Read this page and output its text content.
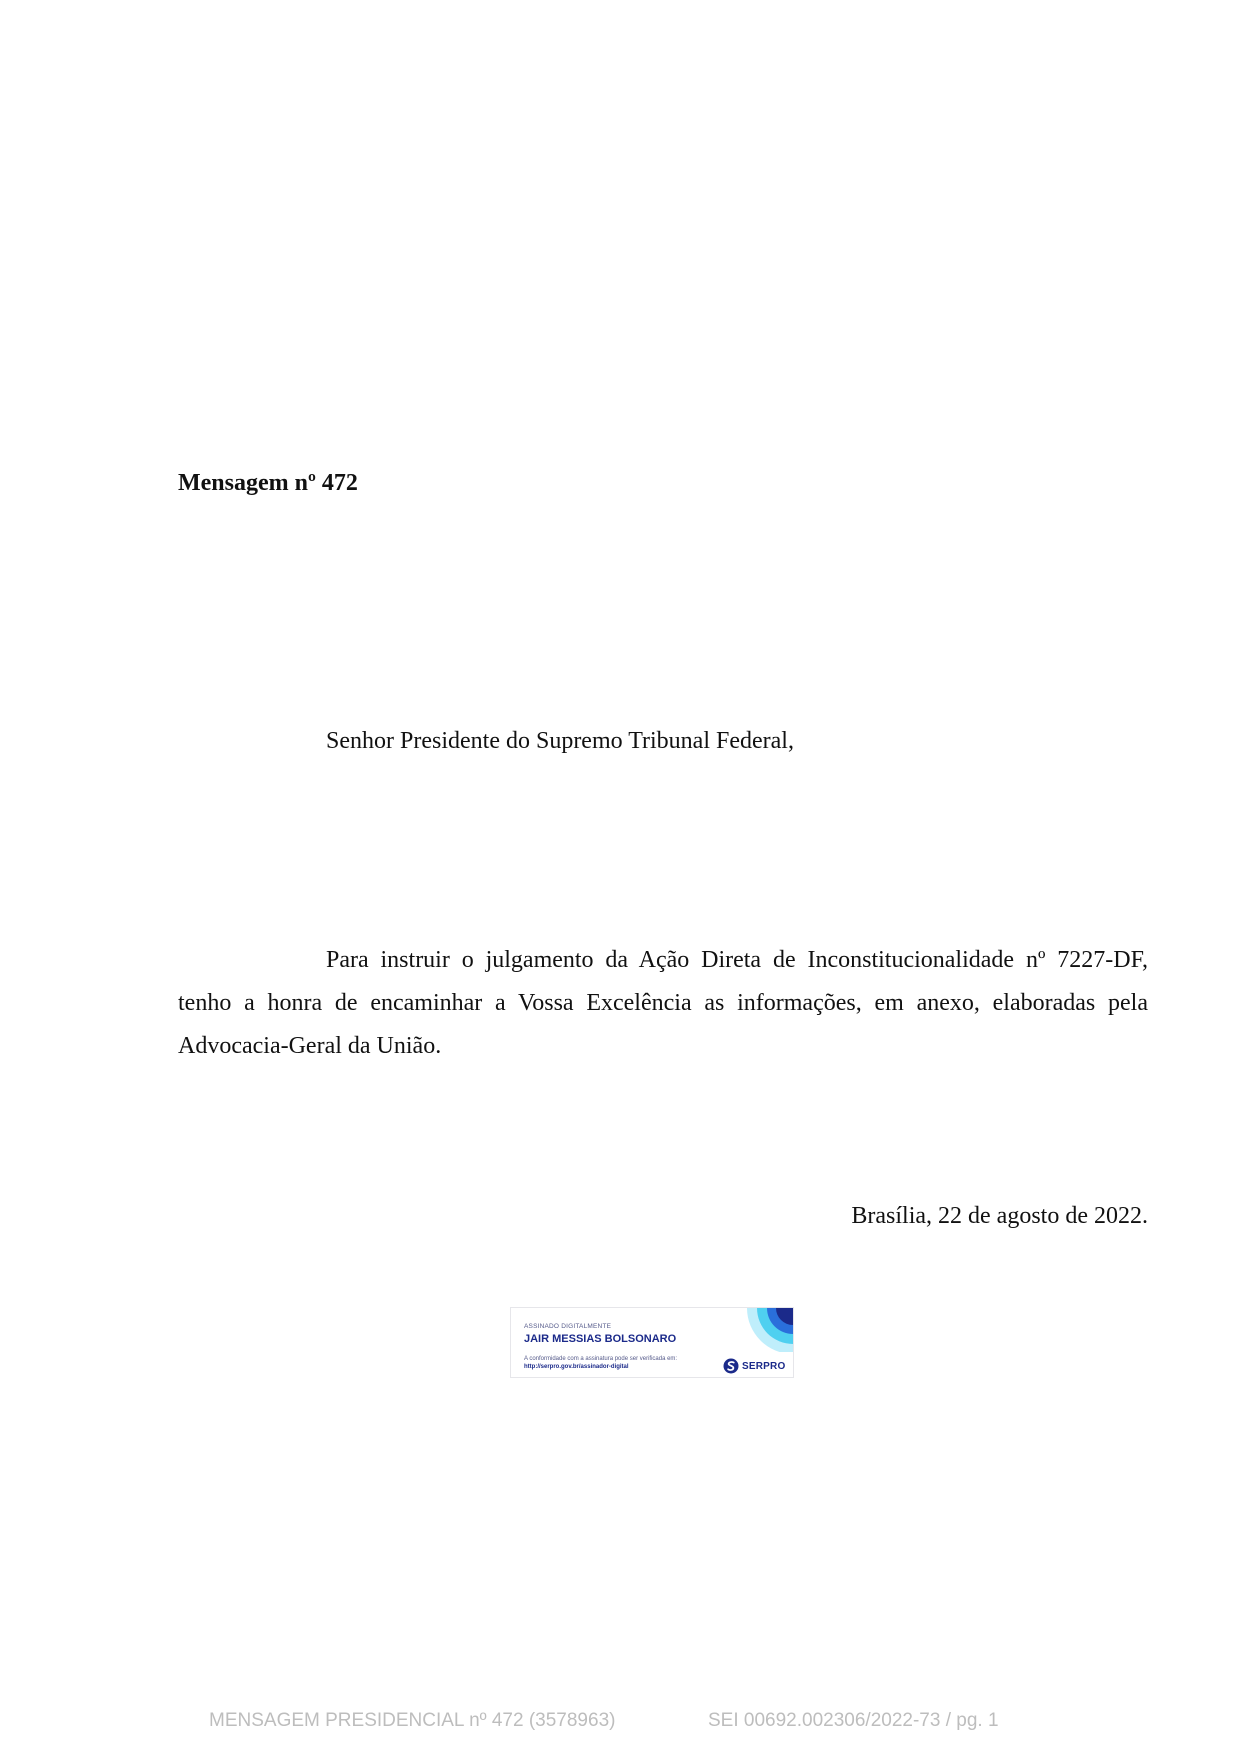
Mensagem nº 472
Senhor Presidente do Supremo Tribunal Federal,

Para instruir o julgamento da Ação Direta de Inconstitucionalidade nº 7227-DF, tenho a honra de encaminhar a Vossa Excelência as informações, em anexo, elaboradas pela Advocacia-Geral da União.

Brasília, 22 de agosto de 2022.
ASSINADO DIGITALMENTE
JAIR MESSIAS BOLSONARO
A conformidade com a assinatura pode ser verificada em:
http://serpro.gov.br/assinador-digital	SERPRO
MENSAGEM PRESIDENCIAL nº 472 (3578963)	SEI 00692.002306/2022-73 / pg. 1
